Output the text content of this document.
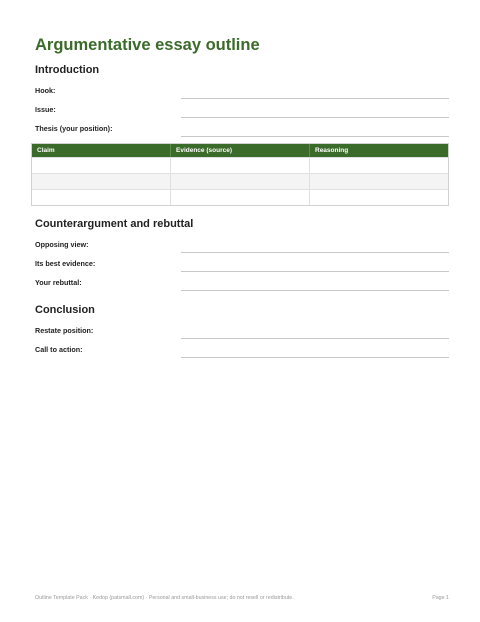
Argumentative essay outline
Introduction
Hook:
Issue:
Thesis (your position):
Claim	Evidence (source)	Reasoning
Counterargument and rebuttal
Opposing view:
Its best evidence:
Your rebuttal:
Conclusion
Restate position:
Call to action:
Outline Template Pack · Kedop (patsmall.com) · Personal and small-business use; do not resell or redistribute.	Page 1
